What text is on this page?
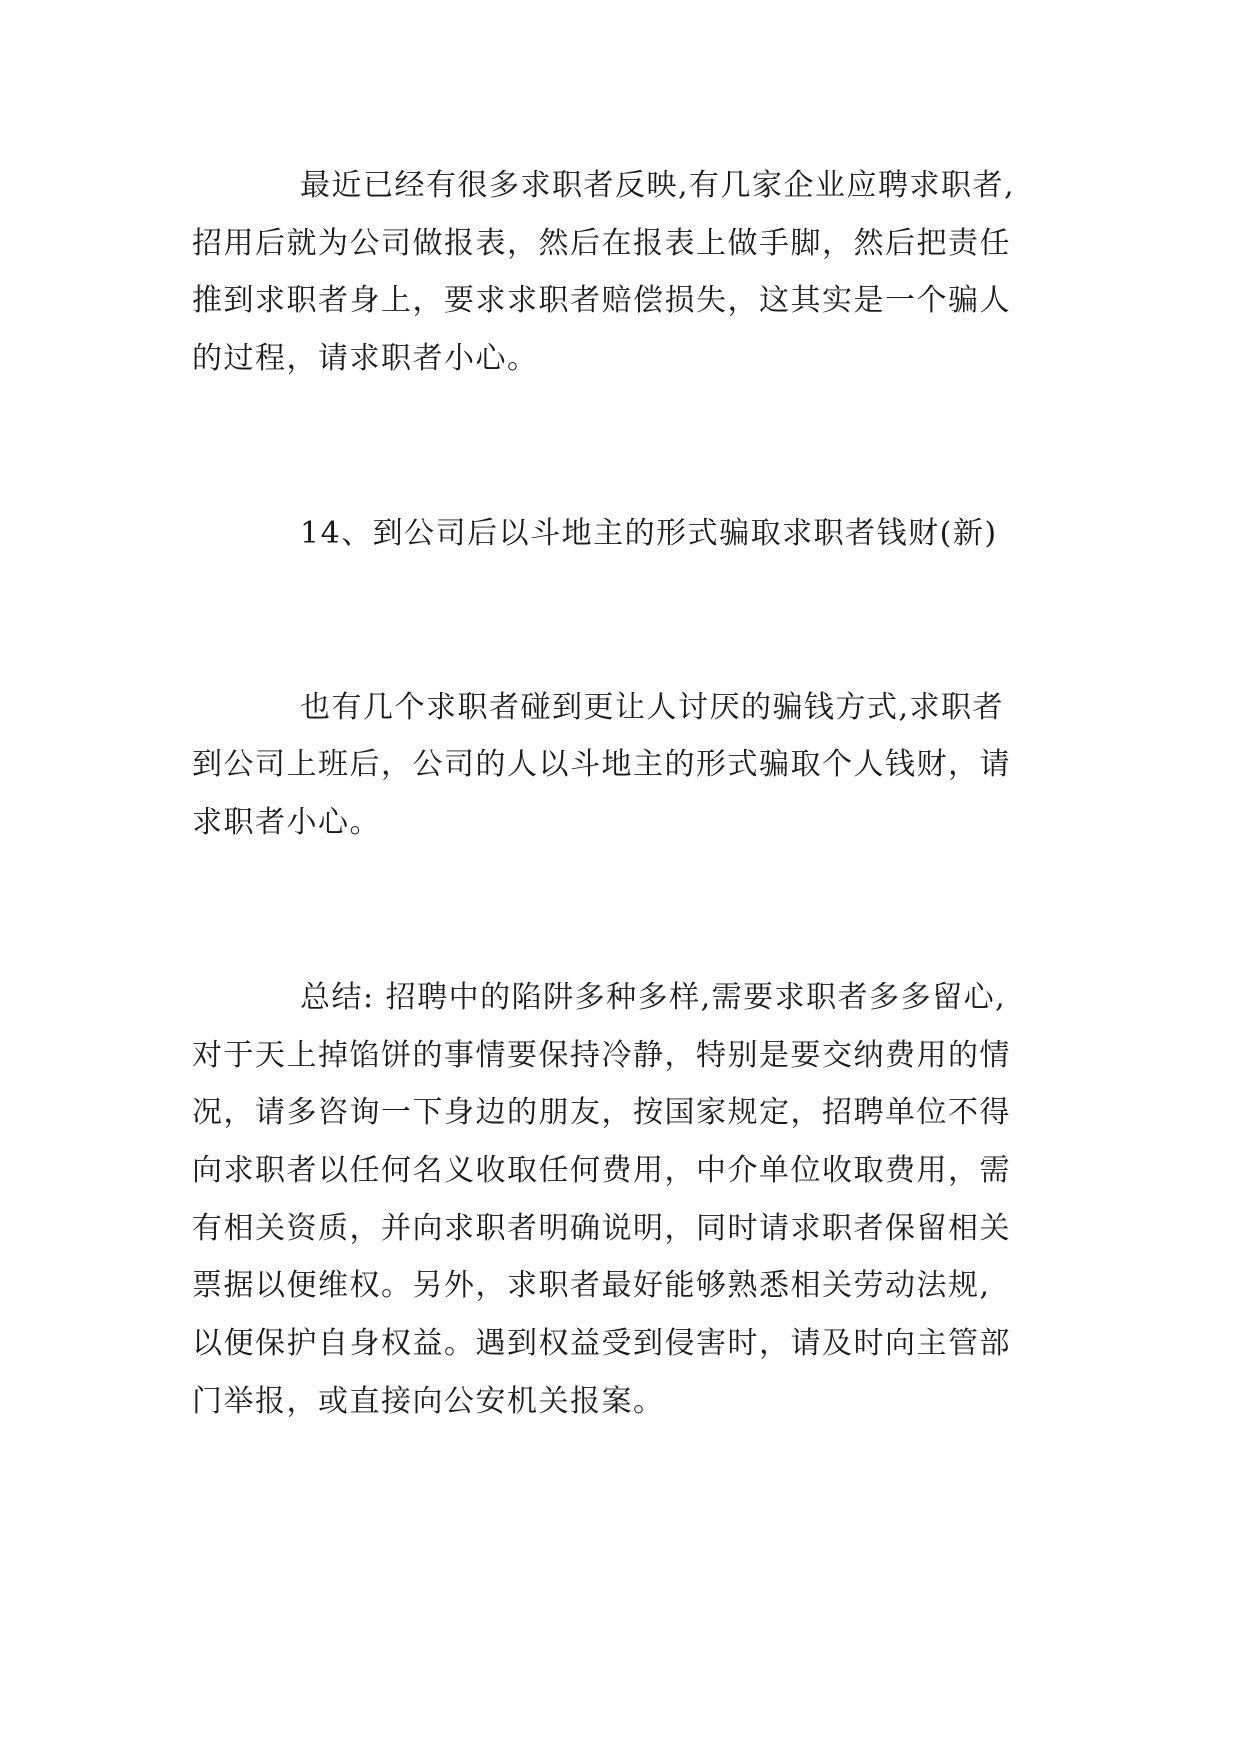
最近已经有很多求职者反映,有几家企业应聘求职者,
招用后就为公司做报表，然后在报表上做手脚，然后把责任
推到求职者身上，要求求职者赔偿损失，这其实是一个骗人
的过程，请求职者小心。
14、到公司后以斗地主的形式骗取求职者钱财(新)
也有几个求职者碰到更让人讨厌的骗钱方式,求职者
到公司上班后，公司的人以斗地主的形式骗取个人钱财，请
求职者小心。
总结: 招聘中的陷阱多种多样,需要求职者多多留心,
对于天上掉馅饼的事情要保持冷静，特别是要交纳费用的情
况，请多咨询一下身边的朋友，按国家规定，招聘单位不得
向求职者以任何名义收取任何费用，中介单位收取费用，需
有相关资质，并向求职者明确说明，同时请求职者保留相关
票据以便维权。另外，求职者最好能够熟悉相关劳动法规,
以便保护自身权益。遇到权益受到侵害时，请及时向主管部
门举报，或直接向公安机关报案。
